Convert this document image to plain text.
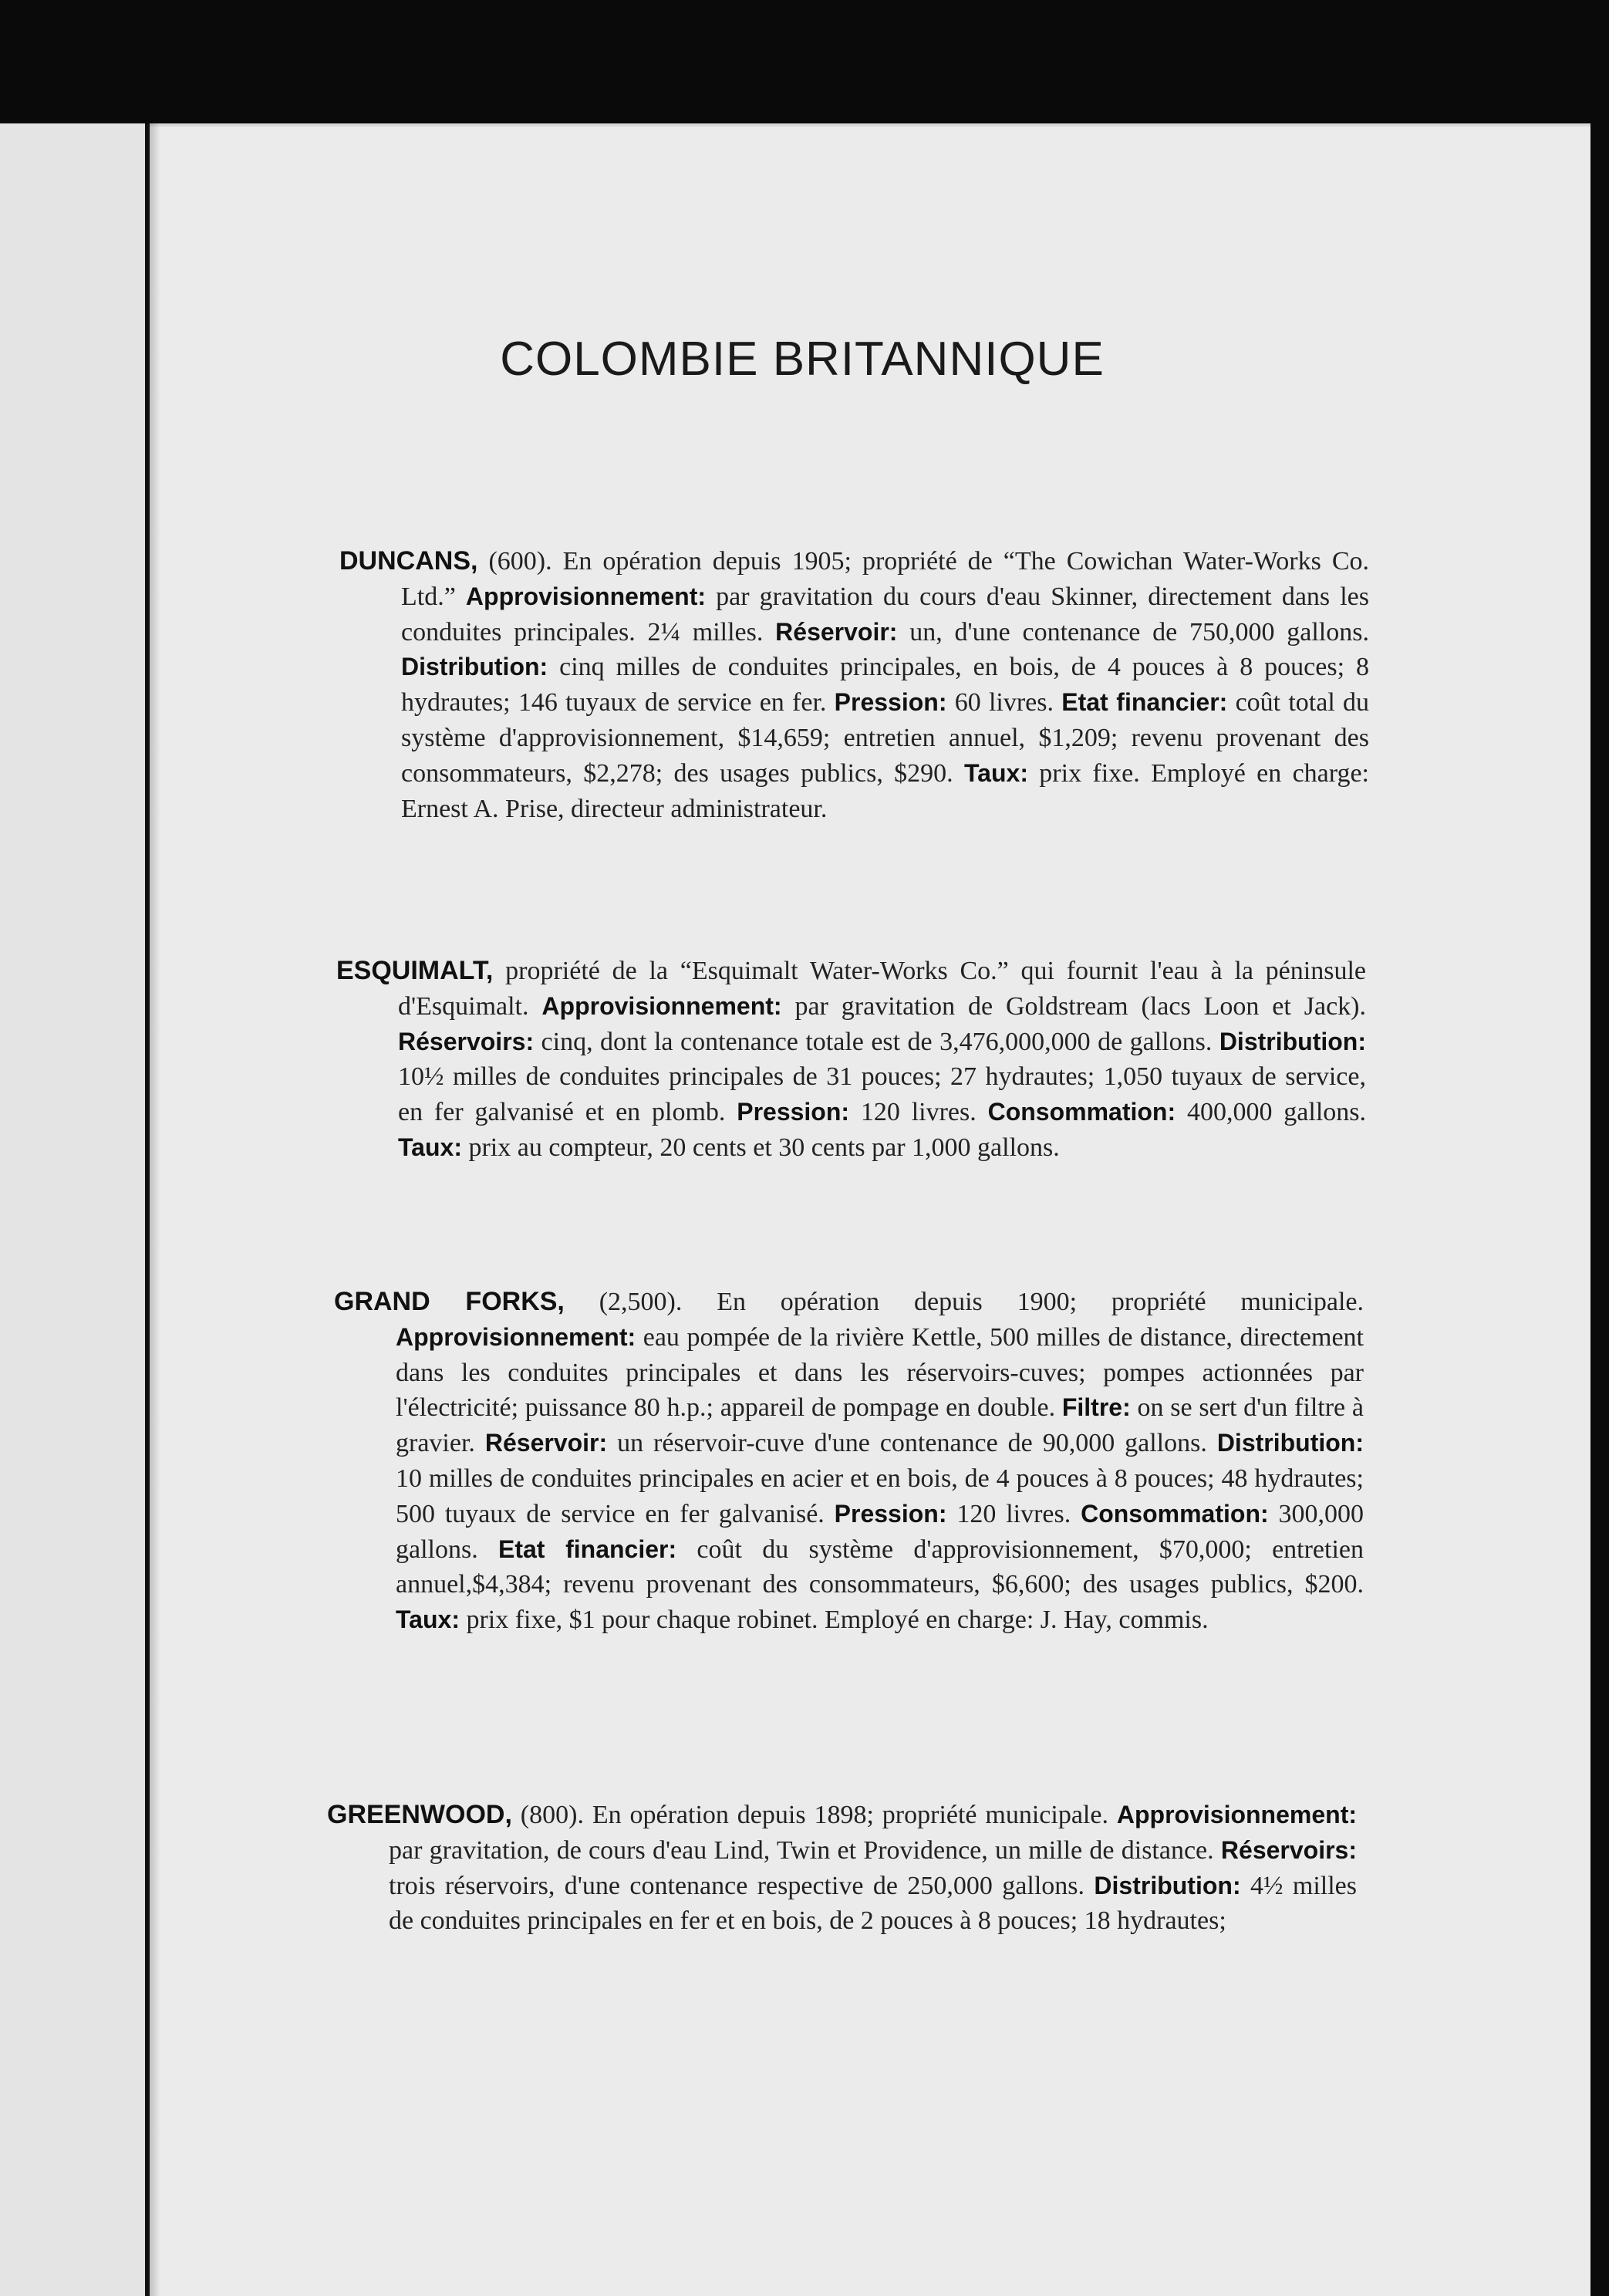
COLOMBIE BRITANNIQUE

DUNCANS, (600). En opération depuis 1905; propriété de “The Cowichan Water-Works Co. Ltd.” Approvisionnement: par gravitation du cours d'eau Skinner, directement dans les conduites principales. 2¼ milles. Réservoir: un, d'une contenance de 750,000 gallons. Distribution: cinq milles de conduites principales, en bois, de 4 pouces à 8 pouces; 8 hydrautes; 146 tuyaux de service en fer. Pression: 60 livres. Etat financier: coût total du système d'approvisionnement, $14,659; entretien annuel, $1,209; revenu provenant des consommateurs, $2,278; des usages publics, $290. Taux: prix fixe. Employé en charge: Ernest A. Prise, directeur administrateur.

ESQUIMALT, propriété de la “Esquimalt Water-Works Co.” qui fournit l'eau à la péninsule d'Esquimalt. Approvisionnement: par gravitation de Goldstream (lacs Loon et Jack). Réservoirs: cinq, dont la contenance totale est de 3,476,000,000 de gallons. Distribution: 10½ milles de conduites principales de 31 pouces; 27 hydrautes; 1,050 tuyaux de service, en fer galvanisé et en plomb. Pression: 120 livres. Consommation: 400,000 gallons. Taux: prix au compteur, 20 cents et 30 cents par 1,000 gallons.

GRAND FORKS, (2,500). En opération depuis 1900; propriété municipale. Approvisionnement: eau pompée de la rivière Kettle, 500 milles de distance, directement dans les conduites principales et dans les réservoirs-cuves; pompes actionnées par l'électricité; puissance 80 h.p.; appareil de pompage en double. Filtre: on se sert d'un filtre à gravier. Réservoir: un réservoir-cuve d'une contenance de 90,000 gallons. Distribution: 10 milles de conduites principales en acier et en bois, de 4 pouces à 8 pouces; 48 hydrautes; 500 tuyaux de service en fer galvanisé. Pression: 120 livres. Consommation: 300,000 gallons. Etat financier: coût du système d'approvisionnement, $70,000; entretien annuel,$4,384; revenu provenant des consommateurs, $6,600; des usages publics, $200. Taux: prix fixe, $1 pour chaque robinet. Employé en charge: J. Hay, commis.

GREENWOOD, (800). En opération depuis 1898; propriété municipale. Approvisionnement: par gravitation, de cours d'eau Lind, Twin et Providence, un mille de distance. Réservoirs: trois réservoirs, d'une contenance respective de 250,000 gallons. Distribution: 4½ milles de conduites principales en fer et en bois, de 2 pouces à 8 pouces; 18 hydrautes;
